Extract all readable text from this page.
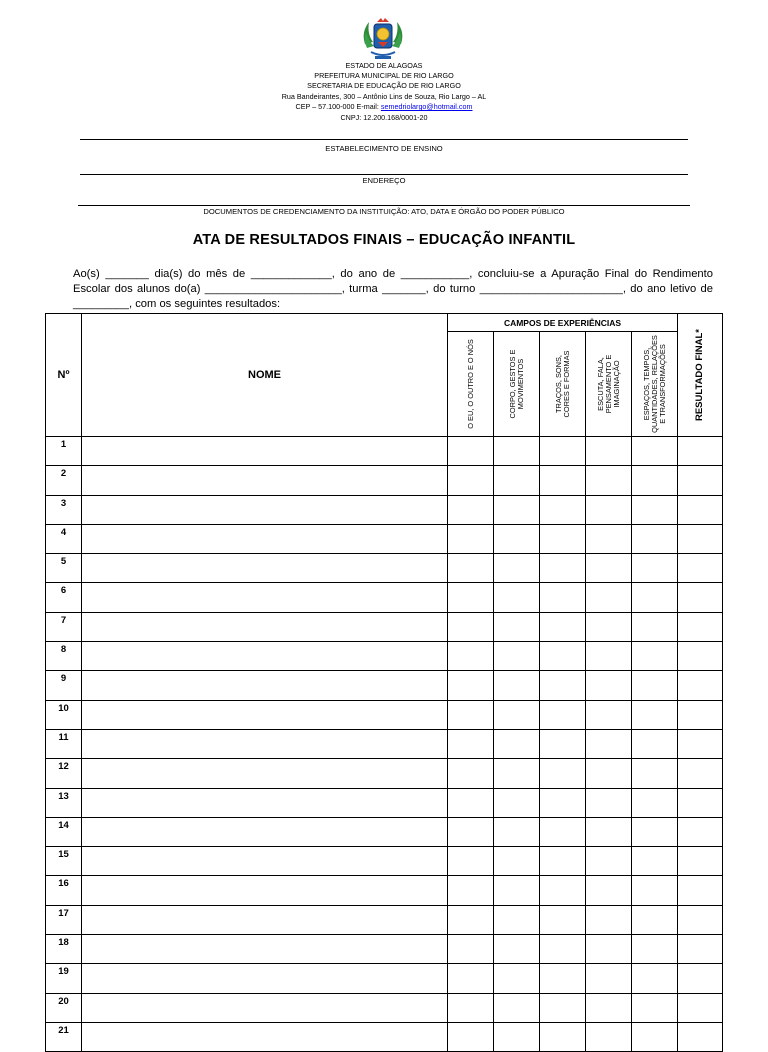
ESTADO DE ALAGOAS
PREFEITURA MUNICIPAL DE RIO LARGO
SECRETARIA DE EDUCAÇÃO DE RIO LARGO
Rua Bandeirantes, 300 – Antônio Lins de Souza, Rio Largo – AL
CEP – 57.100-000 E-mail: semedriolargo@hotmail.com
CNPJ: 12.200.168/0001-20
ESTABELECIMENTO DE ENSINO
ENDEREÇO
DOCUMENTOS DE CREDENCIAMENTO DA INSTITUIÇÃO: ATO, DATA E ÓRGÃO DO PODER PÚBLICO
ATA DE RESULTADOS FINAIS – EDUCAÇÃO INFANTIL
Ao(s) _______ dia(s) do mês de _____________, do ano de ___________, concluiu-se a Apuração Final do Rendimento
Escolar dos alunos do(a) ______________________, turma _______, do turno _______________________, do ano letivo de
_________, com os seguintes resultados:
Nº	NOME	CAMPOS DE EXPERIÊNCIAS					RESULTADO FINAL*

		O EU, O OUTRO E O NÓS	CORPO, GESTOS E MOVIMENTOS	TRAÇOS, SONS, CORES E FORMAS	ESCUTA, FALA, PENSAMENTO E IMAGINAÇÃO	ESPAÇOS, TEMPOS, QUANTIDADES, RELAÇÕES E TRANSFORMAÇÕES	

1							
2							
3							
4							
5							
6							
7							
8							
9							
10							
11							
12							
13							
14							
15							
16							
17							
18							
19							
20							
21							
